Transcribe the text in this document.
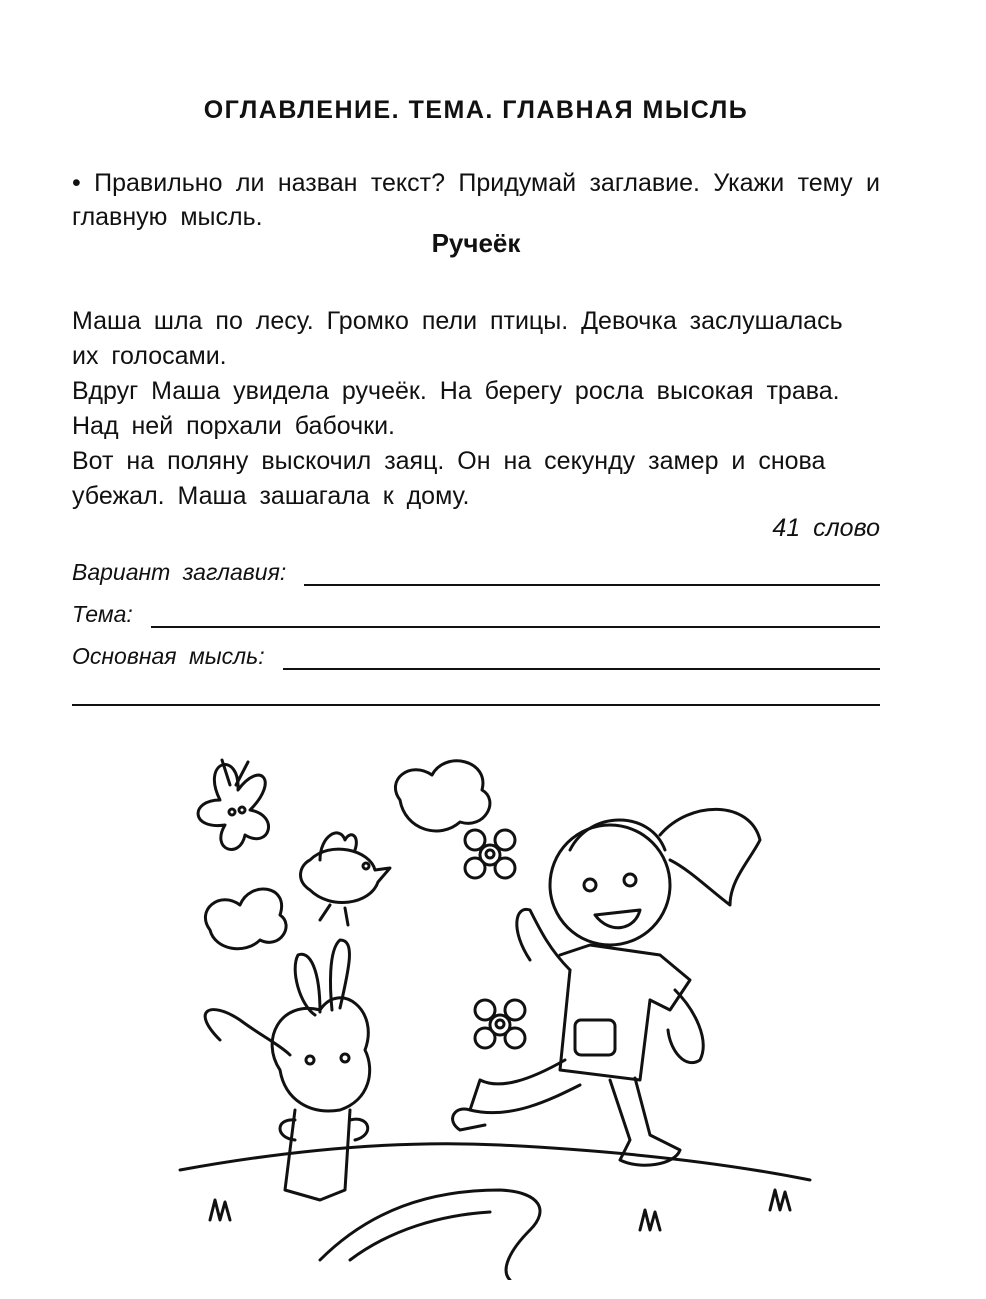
ОГЛАВЛЕНИЕ. ТЕМА. ГЛАВНАЯ МЫСЛЬ
• Правильно ли назван текст? Придумай заглавие. Укажи тему и главную мысль.
Ручеёк

Маша шла по лесу. Громко пели птицы. Девочка заслушалась их голосами.

Вдруг Маша увидела ручеёк. На берегу росла высокая трава. Над ней порхали бабочки.

Вот на поляну выскочил заяц. Он на секунду замер и снова убежал. Маша зашагала к дому.

41 слово
Вариант заглавия:
Тема:
Основная мысль:
